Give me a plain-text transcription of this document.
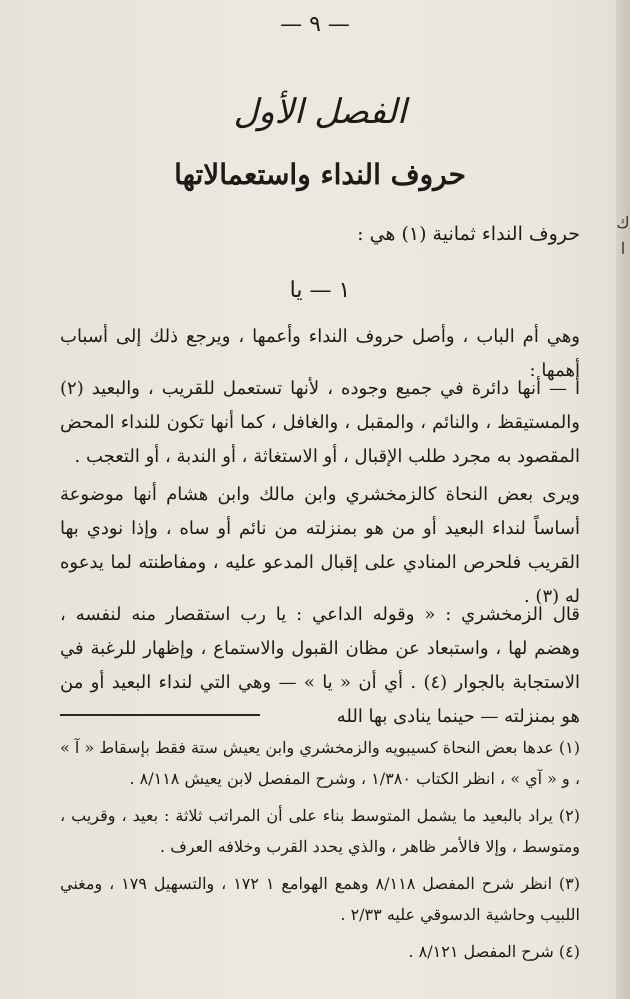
ك ا
— ٩ —
الفصل الأول
حروف النداء واستعمالاتها
حروف النداء ثمانية (١) هي :
١ — يا
وهي أم الباب ، وأصل حروف النداء وأعمها ، ويرجع ذلك إلى أسباب أهمها :
أ — أنها دائرة في جميع وجوده ، لأنها تستعمل للقريب ، والبعيد (٢) والمستيقظ ، والنائم ، والمقبل ، والغافل ، كما أنها تكون للنداء المحض المقصود به مجرد طلب الإقبال ، أو الاستغاثة ، أو الندبة ، أو التعجب .
ويرى بعض النحاة كالزمخشري وابن مالك وابن هشام أنها موضوعة أساساً لنداء البعيد أو من هو بمنزلته من نائم أو ساه ، وإذا نودي بها القريب فلحرص المنادي على إقبال المدعو عليه ، ومفاطنته لما يدعوه له (٣) .
قال الزمخشري : « وقوله الداعي : يا رب استقصار منه لنفسه ، وهضم لها ، واستبعاد عن مظان القبول والاستماع ، وإظهار للرغبة في الاستجابة بالجوار (٤) . أي أن « يا » — وهي التي لنداء البعيد أو من هو بمنزلته — حينما ينادى بها الله

(١) عدها بعض النحاة كسيبويه والزمخشري وابن يعيش ستة فقط بإسقاط « آ » ، و « آي » ، انظر الكتاب ١/٣٨٠ ، وشرح المفصل لابن يعيش ٨/١١٨ .

(٢) يراد بالبعيد ما يشمل المتوسط بناء على أن المراتب ثلاثة : بعيد ، وقريب ، ومتوسط ، وإلا فالأمر ظاهر ، والذي يحدد القرب وخلافه العرف .

(٣) انظر شرح المفصل ٨/١١٨ وهمع الهوامع ١ ١٧٢ ، والتسهيل ١٧٩ ، ومغني اللبيب وحاشية الدسوقي عليه ٢/٣٣ .

(٤) شرح المفصل ٨/١٢١ .
